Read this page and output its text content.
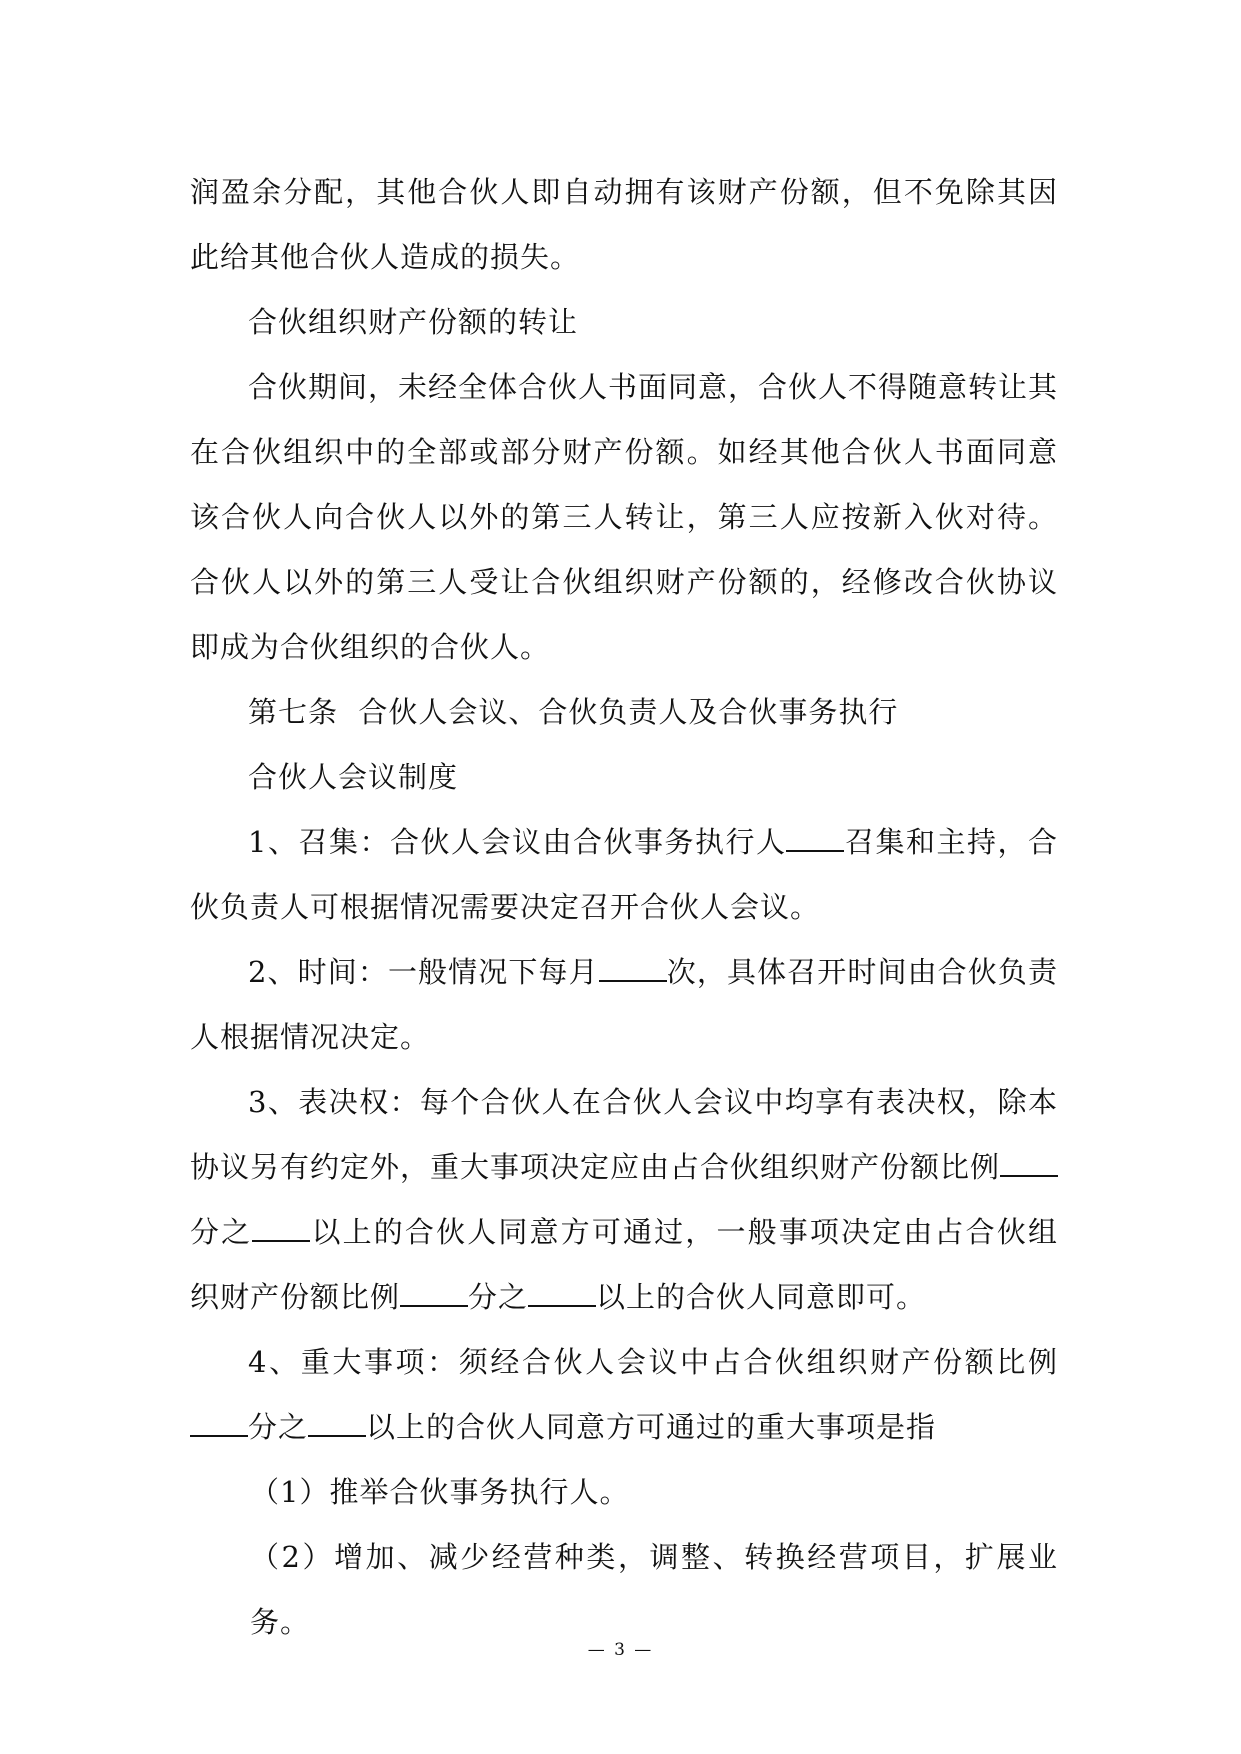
润盈余分配，其他合伙人即自动拥有该财产份额，但不免除其因此给其他合伙人造成的损失。

合伙组织财产份额的转让

合伙期间，未经全体合伙人书面同意，合伙人不得随意转让其在合伙组织中的全部或部分财产份额。如经其他合伙人书面同意该合伙人向合伙人以外的第三人转让，第三人应按新入伙对待。合伙人以外的第三人受让合伙组织财产份额的，经修改合伙协议即成为合伙组织的合伙人。

第七条  合伙人会议、合伙负责人及合伙事务执行

合伙人会议制度

1、召集：合伙人会议由合伙事务执行人 召集和主持，合伙负责人可根据情况需要决定召开合伙人会议。

2、时间：一般情况下每月 次，具体召开时间由合伙负责人根据情况决定。

3、表决权：每个合伙人在合伙人会议中均享有表决权，除本协议另有约定外，重大事项决定应由占合伙组织财产份额比例分之 以上的合伙人同意方可通过，一般事项决定由占合伙组织财产份额比例 分之 以上的合伙人同意即可。

4、重大事项：须经合伙人会议中占合伙组织财产份额比例分之 以上的合伙人同意方可通过的重大事项是指

（1）推举合伙事务执行人。

（2）增加、减少经营种类，调整、转换经营项目，扩展业务。

— 3 —
